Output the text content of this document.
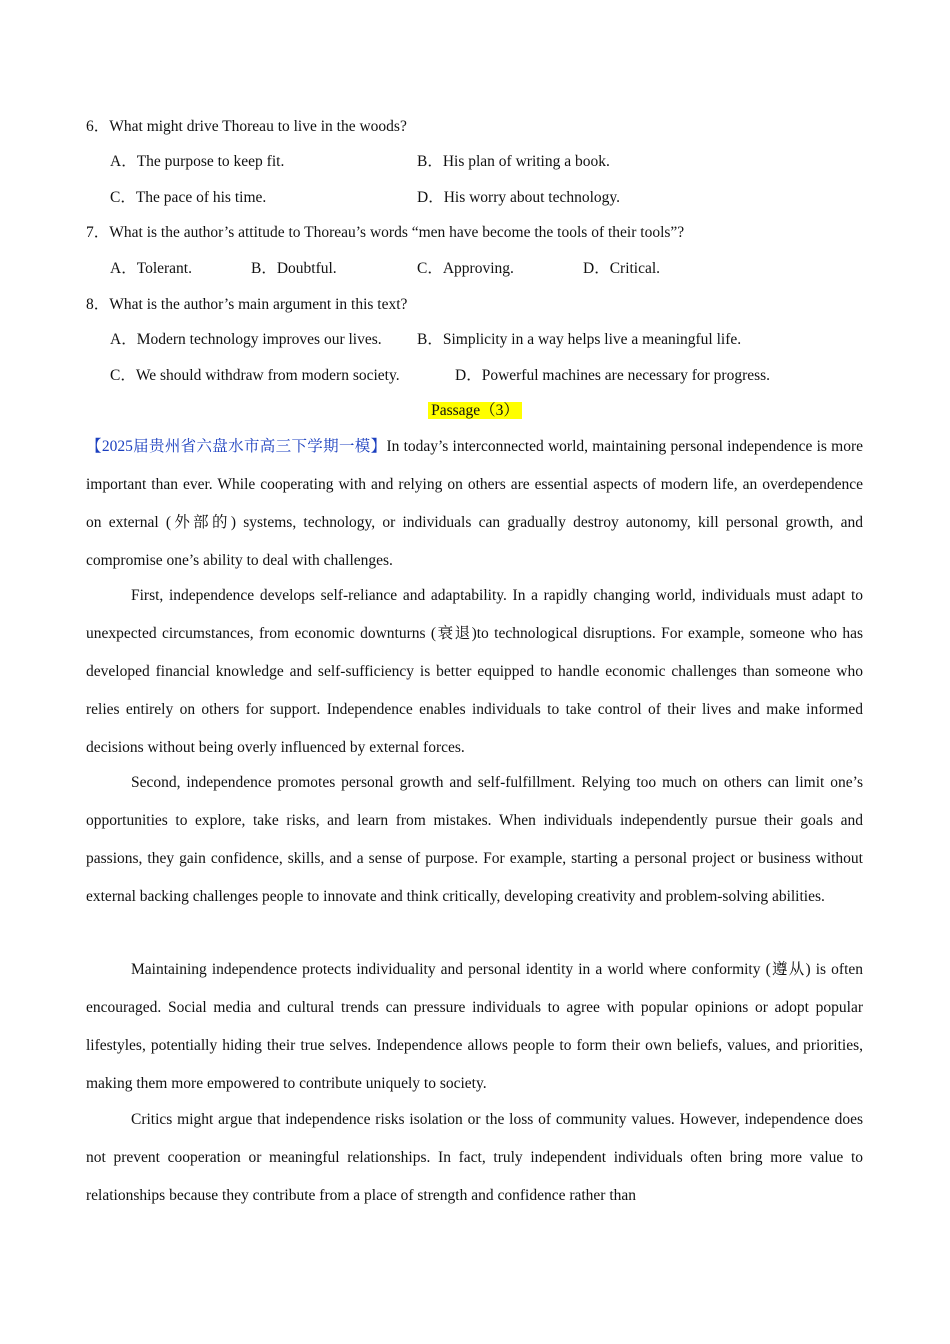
6．What might drive Thoreau to live in the woods?
A．The purpose to keep fit.	B．His plan of writing a book.
C．The pace of his time.	D．His worry about technology.
7．What is the author’s attitude to Thoreau’s words “men have become the tools of their tools”?
A．Tolerant.	B．Doubtful.	C．Approving.	D．Critical.
8．What is the author’s main argument in this text?
A．Modern technology improves our lives. B．Simplicity in a way helps live a meaningful life.
C．We should withdraw from modern society.	D．Powerful machines are necessary for progress.
Passage（3）

【2025届贵州省六盘水市高三下学期一模】In today’s interconnected world, maintaining personal independence is more important than ever. While cooperating with and relying on others are essential aspects of modern life, an overdependence on external (外部的) systems, technology, or individuals can gradually destroy autonomy, kill personal growth, and compromise one’s ability to deal with challenges.

First, independence develops self-reliance and adaptability. In a rapidly changing world, individuals must adapt to unexpected circumstances, from economic downturns (衰退)to technological disruptions. For example, someone who has developed financial knowledge and self-sufficiency is better equipped to handle economic challenges than someone who relies entirely on others for support. Independence enables individuals to take control of their lives and make informed decisions without being overly influenced by external forces.

Second, independence promotes personal growth and self-fulfillment. Relying too much on others can limit one’s opportunities to explore, take risks, and learn from mistakes. When individuals independently pursue their goals and passions, they gain confidence, skills, and a sense of purpose. For example, starting a personal project or business without external backing challenges people to innovate and think critically, developing creativity and problem-solving abilities.

Maintaining independence protects individuality and personal identity in a world where conformity (遵从) is often encouraged. Social media and cultural trends can pressure individuals to agree with popular opinions or adopt popular lifestyles, potentially hiding their true selves. Independence allows people to form their own beliefs, values, and priorities, making them more empowered to contribute uniquely to society.

Critics might argue that independence risks isolation or the loss of community values. However, independence does not prevent cooperation or meaningful relationships. In fact, truly independent individuals often bring more value to relationships because they contribute from a place of strength and confidence rather than
